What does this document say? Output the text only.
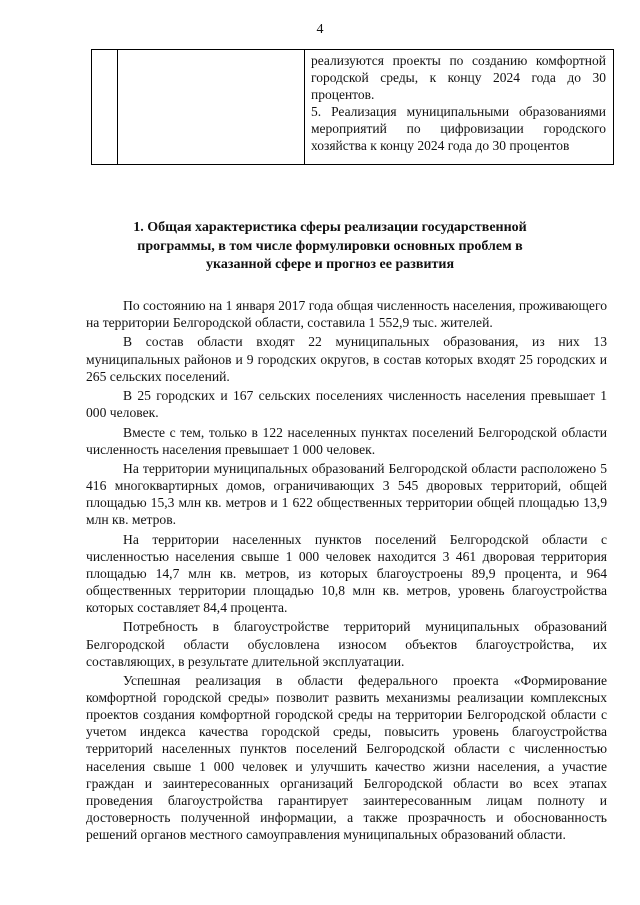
4

реализуются проекты по созданию комфортной городской среды, к концу 2024 года до 30 процентов.
5. Реализация муниципальными образованиями мероприятий по цифровизации городского хозяйства к концу 2024 года до 30 процентов
1. Общая характеристика сферы реализации государственной программы, в том числе формулировки основных проблем в указанной сфере и прогноз ее развития

По состоянию на 1 января 2017 года общая численность населения, проживающего на территории Белгородской области, составила 1 552,9 тыс. жителей.

В состав области входят 22 муниципальных образования, из них 13 муниципальных районов и 9 городских округов, в состав которых входят 25 городских и 265 сельских поселений.

В 25 городских и 167 сельских поселениях численность населения превышает 1 000 человек.

Вместе с тем, только в 122 населенных пунктах поселений Белгородской области численность населения превышает 1 000 человек.

На территории муниципальных образований Белгородской области расположено 5 416 многоквартирных домов, ограничивающих 3 545 дворовых территорий, общей площадью 15,3 млн кв. метров и 1 622 общественных территории общей площадью 13,9 млн кв. метров.

На территории населенных пунктов поселений Белгородской области с численностью населения свыше 1 000 человек находится 3 461 дворовая территория площадью 14,7 млн кв. метров, из которых благоустроены 89,9 процента, и 964 общественных территории площадью 10,8 млн кв. метров, уровень благоустройства которых составляет 84,4 процента.

Потребность в благоустройстве территорий муниципальных образований Белгородской области обусловлена износом объектов благоустройства, их составляющих, в результате длительной эксплуатации.

Успешная реализация в области федерального проекта «Формирование комфортной городской среды» позволит развить механизмы реализации комплексных проектов создания комфортной городской среды на территории Белгородской области с учетом индекса качества городской среды, повысить уровень благоустройства территорий населенных пунктов поселений Белгородской области с численностью населения свыше 1 000 человек и улучшить качество жизни населения, а участие граждан и заинтересованных организаций Белгородской области во всех этапах проведения благоустройства гарантирует заинтересованным лицам полноту и достоверность полученной информации, а также прозрачность и обоснованность решений органов местного самоуправления муниципальных образований области.
